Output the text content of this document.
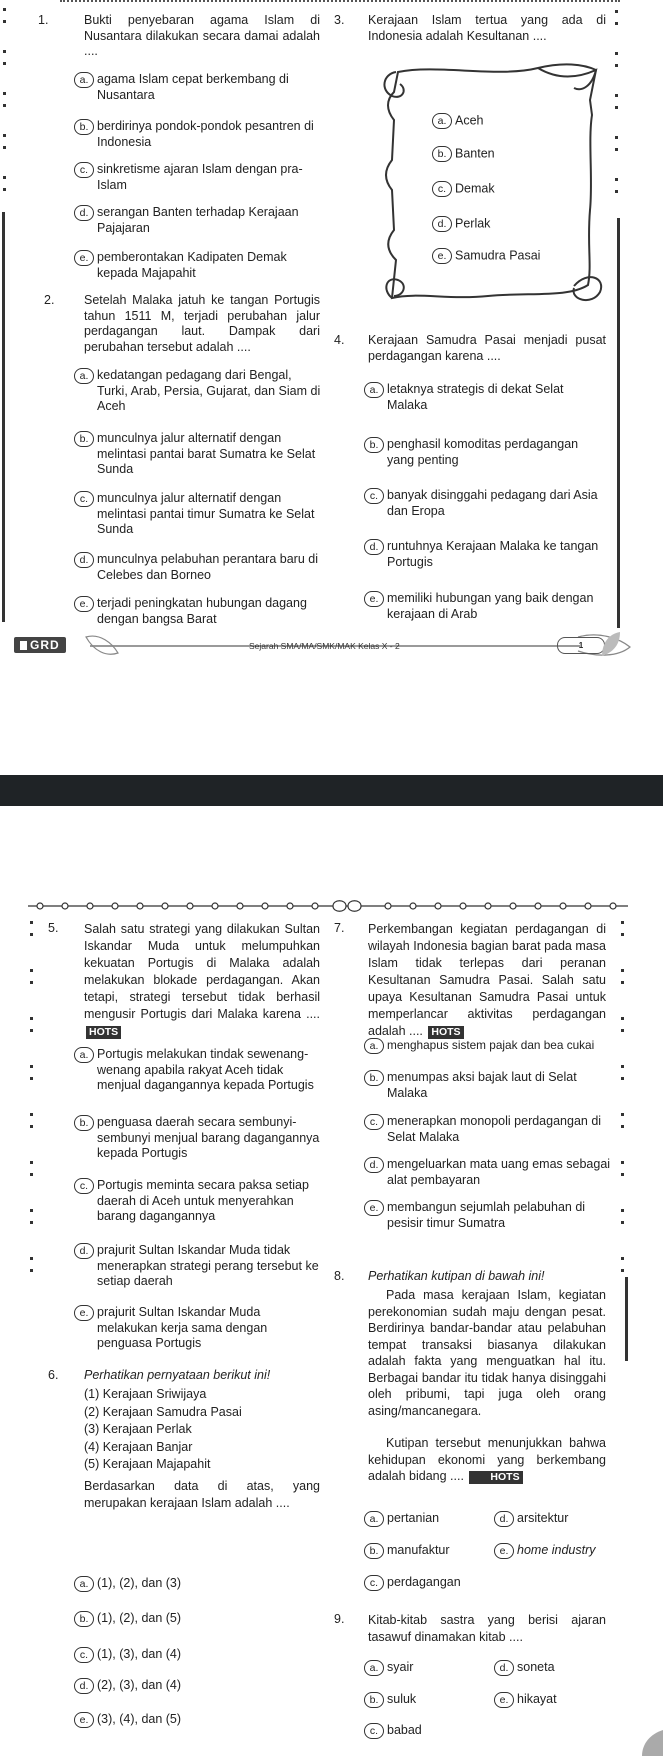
1.	Bukti penyebaran agama Islam di Nusantara dilakukan secara damai adalah ....
a. agama Islam cepat berkembang di Nusantara
b. berdirinya pondok-pondok pesantren di Indonesia
c. sinkretisme ajaran Islam dengan pra-Islam
d. serangan Banten terhadap Kerajaan Pajajaran
e. pemberontakan Kadipaten Demak kepada Majapahit
2. Setelah Malaka jatuh ke tangan Portugis tahun 1511 M, terjadi perubahan jalur perdagangan laut. Dampak dari perubahan tersebut adalah ....
a. kedatangan pedagang dari Bengal, Turki, Arab, Persia, Gujarat, dan Siam di Aceh
b. munculnya jalur alternatif dengan melintasi pantai barat Sumatra ke Selat Sunda
c. munculnya jalur alternatif dengan melintasi pantai timur Sumatra ke Selat Sunda
d. munculnya pelabuhan perantara baru di Celebes dan Borneo
e. terjadi peningkatan hubungan dagang dengan bangsa Barat
3. Kerajaan Islam tertua yang ada di Indonesia adalah Kesultanan ....
a. Aceh
b. Banten
c. Demak
d. Perlak
e. Samudra Pasai
4. Kerajaan Samudra Pasai menjadi pusat perdagangan karena ....
a. letaknya strategis di dekat Selat Malaka
b. penghasil komoditas perdagangan yang penting
c. banyak disinggahi pedagang dari Asia dan Eropa
d. runtuhnya Kerajaan Malaka ke tangan Portugis
e. memiliki hubungan yang baik dengan kerajaan di Arab
GRD	Sejarah SMA/MA/SMK/MAK Kelas X - 2	1
5. Salah satu strategi yang dilakukan Sultan Iskandar Muda untuk melumpuhkan kekuatan Portugis di Malaka adalah melakukan blokade perdagangan. Akan tetapi, strategi tersebut tidak berhasil mengusir Portugis dari Malaka karena .... HOTS
a. Portugis melakukan tindak sewenang-wenang apabila rakyat Aceh tidak menjual dagangannya kepada Portugis
b. penguasa daerah secara sembunyi-sembunyi menjual barang dagangannya kepada Portugis
c. Portugis meminta secara paksa setiap daerah di Aceh untuk menyerahkan barang dagangannya
d. prajurit Sultan Iskandar Muda tidak menerapkan strategi perang tersebut ke setiap daerah
e. prajurit Sultan Iskandar Muda melakukan kerja sama dengan penguasa Portugis
6. Perhatikan pernyataan berikut ini!
(1) Kerajaan Sriwijaya
(2) Kerajaan Samudra Pasai
(3) Kerajaan Perlak
(4) Kerajaan Banjar
(5) Kerajaan Majapahit
Berdasarkan data di atas, yang merupakan kerajaan Islam adalah ....
a. (1), (2), dan (3)
b. (1), (2), dan (5)
c. (1), (3), dan (4)
d. (2), (3), dan (4)
e. (3), (4), dan (5)
7. Perkembangan kegiatan perdagangan di wilayah Indonesia bagian barat pada masa Islam tidak terlepas dari peranan Kesultanan Samudra Pasai. Salah satu upaya Kesultanan Samudra Pasai untuk memperlancar aktivitas perdagangan adalah .... HOTS
a. menghapus sistem pajak dan bea cukai
b. menumpas aksi bajak laut di Selat Malaka
c. menerapkan monopoli perdagangan di Selat Malaka
d. mengeluarkan mata uang emas sebagai alat pembayaran
e. membangun sejumlah pelabuhan di pesisir timur Sumatra
8. Perhatikan kutipan di bawah ini!
Pada masa kerajaan Islam, kegiatan perekonomian sudah maju dengan pesat. Berdirinya bandar-bandar atau pelabuhan tempat transaksi biasanya dilakukan adalah fakta yang menguatkan hal itu. Berbagai bandar itu tidak hanya disinggahi oleh pribumi, tapi juga oleh orang asing/mancanegara.
Kutipan tersebut menunjukkan bahwa kehidupan ekonomi yang berkembang adalah bidang ....	HOTS
a. pertanian
b. manufaktur
c. perdagangan
d. arsitektur
e. home industry
9. Kitab-kitab sastra yang berisi ajaran tasawuf dinamakan kitab ....
a. syair
b. suluk
c. babad
d. soneta
e. hikayat
